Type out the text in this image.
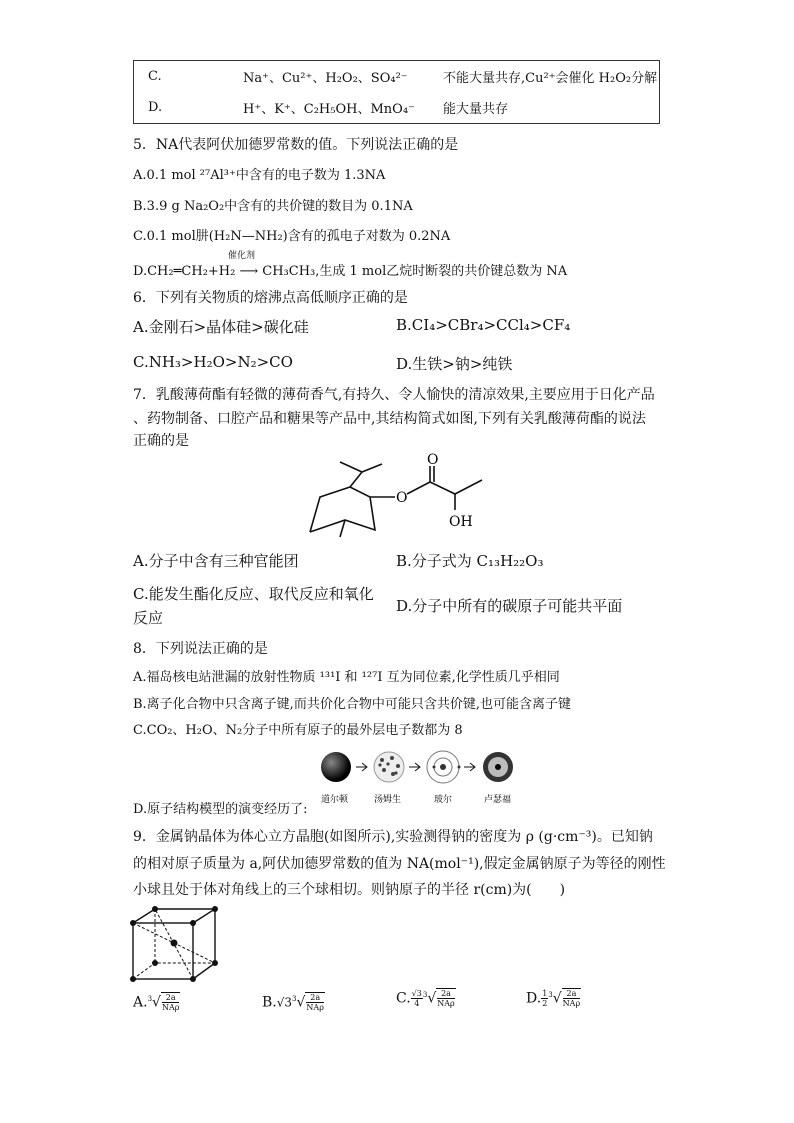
C.	Na⁺、Cu²⁺、H₂O₂、SO₄²⁻	不能大量共存,Cu²⁺会催化 H₂O₂分解
D.	H⁺、K⁺、C₂H₅OH、MnO₄⁻	能大量共存
5．NA代表阿伏加德罗常数的值。下列说法正确的是
A.0.1 mol ²⁷Al³⁺中含有的电子数为 1.3NA
B.3.9 g Na₂O₂中含有的共价键的数目为 0.1NA
C.0.1 mol肼(H₂N—NH₂)含有的孤电子对数为 0.2NA
催化剂
D.CH₂═CH₂+H₂ ⟶ CH₃CH₃,生成 1 mol乙烷时断裂的共价键总数为 NA
6．下列有关物质的熔沸点高低顺序正确的是
A.金刚石>晶体硅>碳化硅	B.CI₄>CBr₄>CCl₄>CF₄
C.NH₃>H₂O>N₂>CO	D.生铁>钠>纯铁
7．乳酸薄荷酯有轻微的薄荷香气,有持久、令人愉快的清凉效果,主要应用于日化产品
、药物制备、口腔产品和糖果等产品中,其结构简式如图,下列有关乳酸薄荷酯的说法
正确的是
O
O
OH
A.分子中含有三种官能团	B.分子式为 C₁₃H₂₂O₃
C.能发生酯化反应、取代反应和氧化
反应
D.分子中所有的碳原子可能共平面
8．下列说法正确的是
A.福岛核电站泄漏的放射性物质 ¹³¹I 和 ¹²⁷I 互为同位素,化学性质几乎相同
B.离子化合物中只含离子键,而共价化合物中可能只含共价键,也可能含离子键
C.CO₂、H₂O、N₂分子中所有原子的最外层电子数都为 8
道尔顿	汤姆生	玻尔	卢瑟福
D.原子结构模型的演变经历了:
9．金属钠晶体为体心立方晶胞(如图所示),实验测得钠的密度为 ρ (g·cm⁻³)。已知钠
的相对原子质量为 a,阿伏加德罗常数的值为 NA(mol⁻¹),假定金属钠原子为等径的刚性
小球且处于体对角线上的三个球相切。则钠原子的半径 r(cm)为(　　)
$A.^3√ \frac{2a}{\text{NAρ}}$	$B.√3^3√ \frac{2a}{\text{NAρ}}$	C. $\frac{√3}{4} ^3√ \frac{2a}{\text{NAρ}}$	D. $\frac{1}{2} ^3√ \frac{2a}{\text{NAρ}}$
